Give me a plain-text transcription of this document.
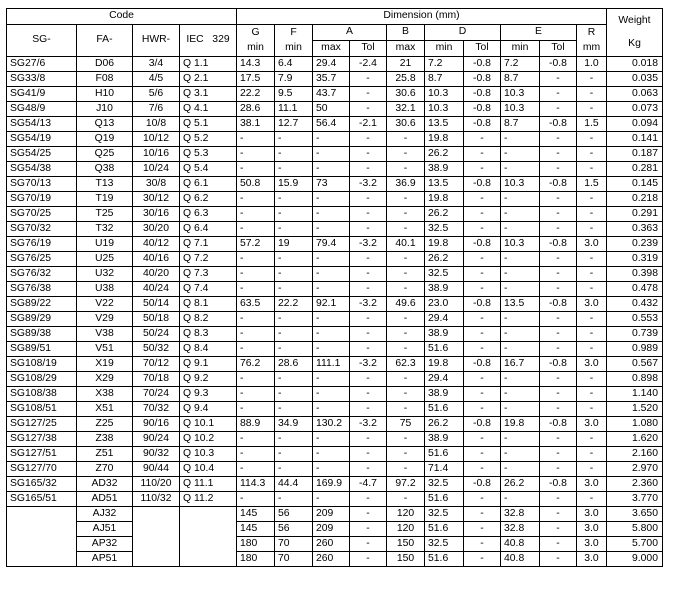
Code				Dimension (mm)										Weight
Kg
SG-	FA-	HWR-	IEC   329	G	F	A		B	D		E		R	
				min	min	max	Tol	max	min	Tol	min	Tol	mm	
SG27/6	D06	3/4	Q 1.1	14.3	6.4	29.4	-2.4	21	7.2	-0.8	7.2	-0.8	1.0	0.018
SG33/8	F08	4/5	Q 2.1	17.5	7.9	35.7	-	25.8	8.7	-0.8	8.7	-	-	0.035
SG41/9	H10	5/6	Q 3.1	22.2	9.5	43.7	-	30.6	10.3	-0.8	10.3	-	-	0.063
SG48/9	J10	7/6	Q 4.1	28.6	11.1	50	-	32.1	10.3	-0.8	10.3	-	-	0.073
SG54/13	Q13	10/8	Q 5.1	38.1	12.7	56.4	-2.1	30.6	13.5	-0.8	8.7	-0.8	1.5	0.094
SG54/19	Q19	10/12	Q 5.2	-	-	-	-	-	19.8	-	-	-	-	0.141
SG54/25	Q25	10/16	Q 5.3	-	-	-	-	-	26.2	-	-	-	-	0.187
SG54/38	Q38	10/24	Q 5.4	-	-	-	-	-	38.9	-	-	-	-	0.281
SG70/13	T13	30/8	Q 6.1	50.8	15.9	73	-3.2	36.9	13.5	-0.8	10.3	-0.8	1.5	0.145
SG70/19	T19	30/12	Q 6.2	-	-	-	-	-	19.8	-	-	-	-	0.218
SG70/25	T25	30/16	Q 6.3	-	-	-	-	-	26.2	-	-	-	-	0.291
SG70/32	T32	30/20	Q 6.4	-	-	-	-	-	32.5	-	-	-	-	0.363
SG76/19	U19	40/12	Q 7.1	57.2	19	79.4	-3.2	40.1	19.8	-0.8	10.3	-0.8	3.0	0.239
SG76/25	U25	40/16	Q 7.2	-	-	-	-	-	26.2	-	-	-	-	0.319
SG76/32	U32	40/20	Q 7.3	-	-	-	-	-	32.5	-	-	-	-	0.398
SG76/38	U38	40/24	Q 7.4	-	-	-	-	-	38.9	-	-	-	-	0.478
SG89/22	V22	50/14	Q 8.1	63.5	22.2	92.1	-3.2	49.6	23.0	-0.8	13.5	-0.8	3.0	0.432
SG89/29	V29	50/18	Q 8.2	-	-	-	-	-	29.4	-	-	-	-	0.553
SG89/38	V38	50/24	Q 8.3	-	-	-	-	-	38.9	-	-	-	-	0.739
SG89/51	V51	50/32	Q 8.4	-	-	-	-	-	51.6	-	-	-	-	0.989
SG108/19	X19	70/12	Q 9.1	76.2	28.6	111.1	-3.2	62.3	19.8	-0.8	16.7	-0.8	3.0	0.567
SG108/29	X29	70/18	Q 9.2	-	-	-	-	-	29.4	-	-	-	-	0.898
SG108/38	X38	70/24	Q 9.3	-	-	-	-	-	38.9	-	-	-	-	1.140
SG108/51	X51	70/32	Q 9.4	-	-	-	-	-	51.6	-	-	-	-	1.520
SG127/25	Z25	90/16	Q 10.1	88.9	34.9	130.2	-3.2	75	26.2	-0.8	19.8	-0.8	3.0	1.080
SG127/38	Z38	90/24	Q 10.2	-	-	-	-	-	38.9	-	-	-	-	1.620
SG127/51	Z51	90/32	Q 10.3	-	-	-	-	-	51.6	-	-	-	-	2.160
SG127/70	Z70	90/44	Q 10.4	-	-	-	-	-	71.4	-	-	-	-	2.970
SG165/32	AD32	110/20	Q 11.1	114.3	44.4	169.9	-4.7	97.2	32.5	-0.8	26.2	-0.8	3.0	2.360
SG165/51	AD51	110/32	Q 11.2	-	-	-	-	-	51.6	-	-	-	-	3.770
	AJ32			145	56	209	-	120	32.5	-	32.8	-	3.0	3.650
	AJ51			145	56	209	-	120	51.6	-	32.8	-	3.0	5.800
	AP32			180	70	260	-	150	32.5	-	40.8	-	3.0	5.700
	AP51			180	70	260	-	150	51.6	-	40.8	-	3.0	9.000
